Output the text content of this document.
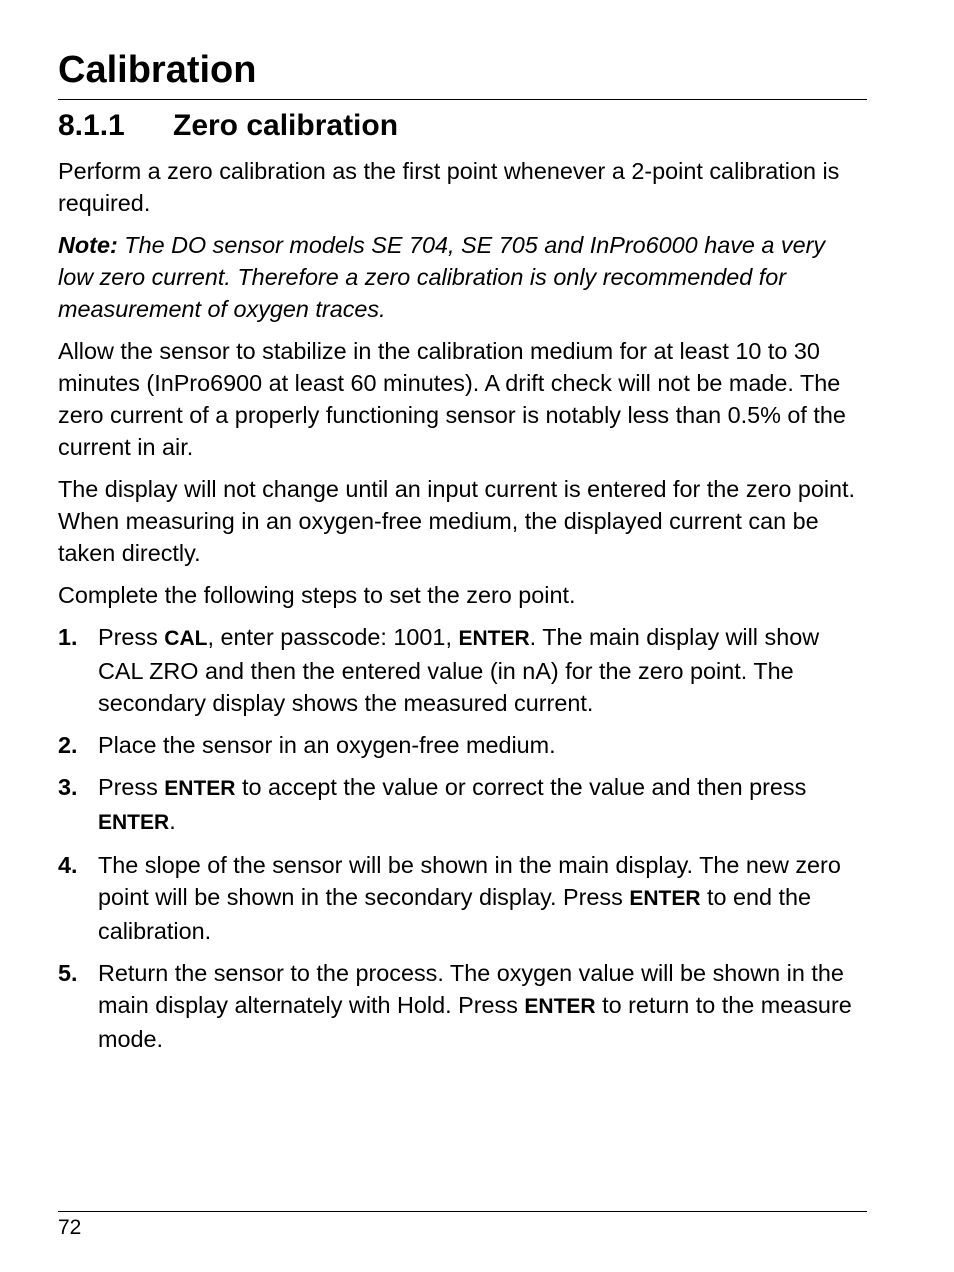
Calibration
8.1.1 Zero calibration

Perform a zero calibration as the first point whenever a 2-point calibration is required.

Note: The DO sensor models SE 704, SE 705 and InPro6000 have a very low zero current. Therefore a zero calibration is only recommended for measurement of oxygen traces.

Allow the sensor to stabilize in the calibration medium for at least 10 to 30 minutes (InPro6900 at least 60 minutes). A drift check will not be made. The zero current of a properly functioning sensor is notably less than 0.5% of the current in air.

The display will not change until an input current is entered for the zero point. When measuring in an oxygen-free medium, the displayed current can be taken directly.

Complete the following steps to set the zero point.

1. Press CAL, enter passcode: 1001, ENTER. The main display will show CAL ZRO and then the entered value (in nA) for the zero point. The secondary display shows the measured current.
2. Place the sensor in an oxygen-free medium.
3. Press ENTER to accept the value or correct the value and then press ENTER.
4. The slope of the sensor will be shown in the main display. The new zero point will be shown in the secondary display. Press ENTER to end the calibration.
5. Return the sensor to the process. The oxygen value will be shown in the main display alternately with Hold. Press ENTER to return to the measure mode.
72
